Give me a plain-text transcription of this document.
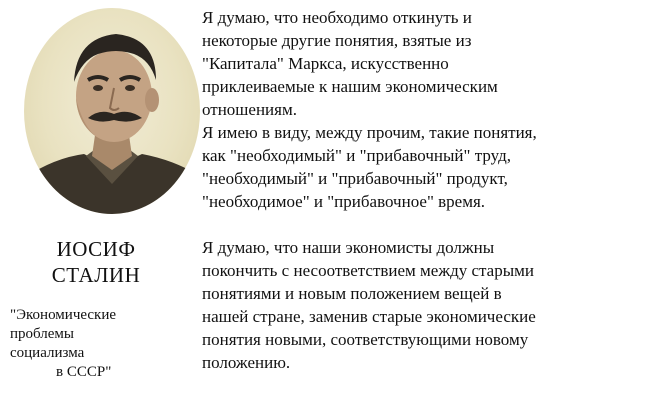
ИОСИФ
СТАЛИН

"Экономические
проблемы
социализма
в СССР"

Я думаю, что необходимо откинуть и
некоторые другие понятия, взятые из
"Капитала" Маркса, искусственно
приклеиваемые к нашим экономическим
отношениям.
Я имею в виду, между прочим, такие понятия,
как "необходимый" и "прибавочный" труд,
"необходимый" и "прибавочный" продукт,
"необходимое" и "прибавочное" время.

Я думаю, что наши экономисты должны
покончить с несоответствием между старыми
понятиями и новым положением вещей в
нашей стране, заменив старые экономические
понятия новыми, соответствующими новому
положению.
